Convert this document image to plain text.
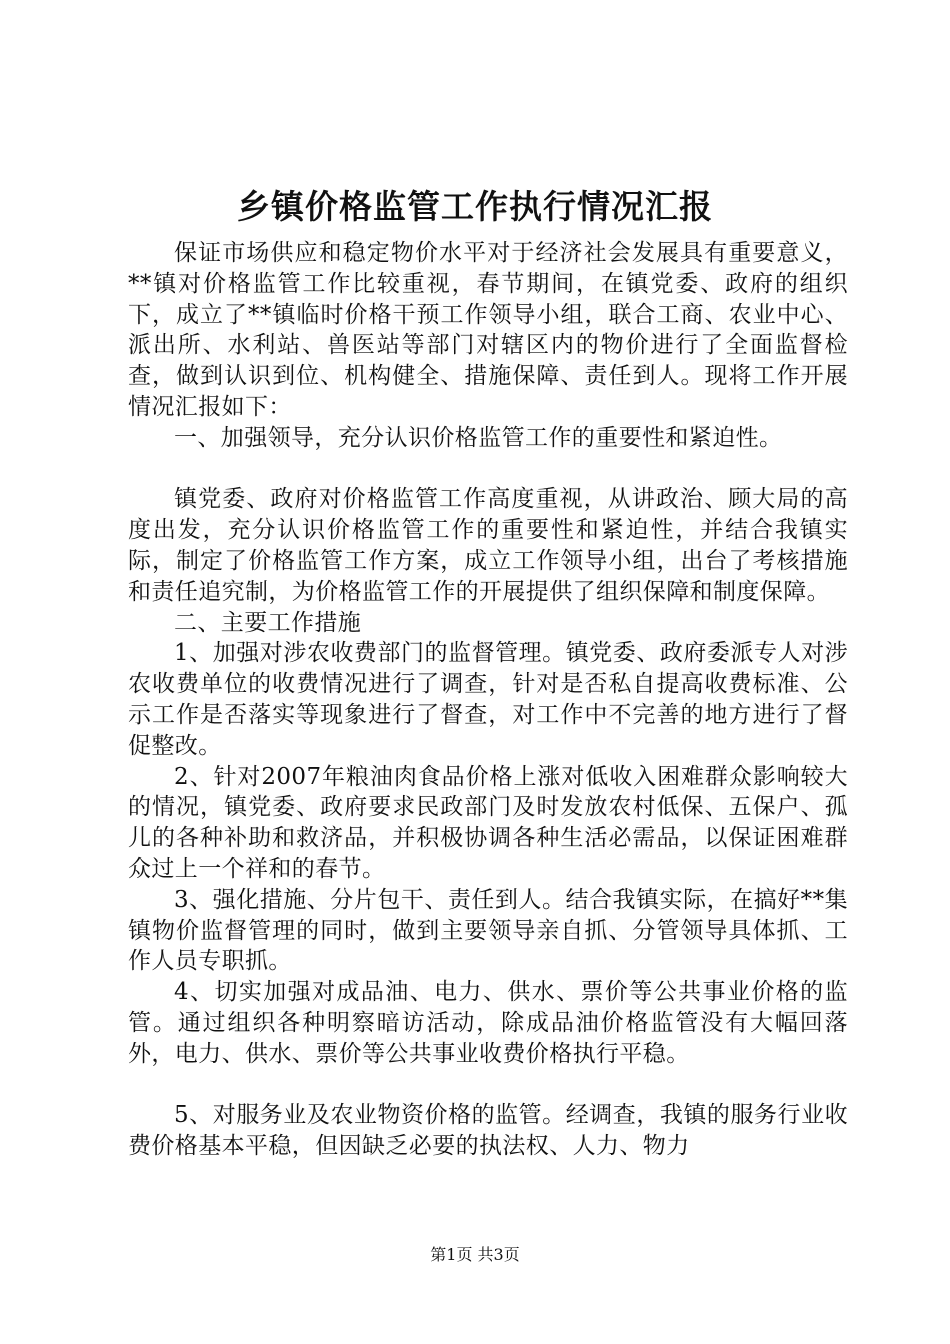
乡镇价格监管工作执行情况汇报

保证市场供应和稳定物价水平对于经济社会发展具有重要意义，**镇对价格监管工作比较重视，春节期间，在镇党委、政府的组织下，成立了**镇临时价格干预工作领导小组，联合工商、农业中心、派出所、水利站、兽医站等部门对辖区内的物价进行了全面监督检查，做到认识到位、机构健全、措施保障、责任到人。现将工作开展情况汇报如下：

一、加强领导，充分认识价格监管工作的重要性和紧迫性。

镇党委、政府对价格监管工作高度重视，从讲政治、顾大局的高度出发，充分认识价格监管工作的重要性和紧迫性，并结合我镇实际，制定了价格监管工作方案，成立工作领导小组，出台了考核措施和责任追究制，为价格监管工作的开展提供了组织保障和制度保障。

二、主要工作措施

1、加强对涉农收费部门的监督管理。镇党委、政府委派专人对涉农收费单位的收费情况进行了调查，针对是否私自提高收费标准、公示工作是否落实等现象进行了督查，对工作中不完善的地方进行了督促整改。

2、针对2007年粮油肉食品价格上涨对低收入困难群众影响较大的情况，镇党委、政府要求民政部门及时发放农村低保、五保户、孤儿的各种补助和救济品，并积极协调各种生活必需品，以保证困难群众过上一个祥和的春节。

3、强化措施、分片包干、责任到人。结合我镇实际，在搞好**集镇物价监督管理的同时，做到主要领导亲自抓、分管领导具体抓、工作人员专职抓。

4、切实加强对成品油、电力、供水、票价等公共事业价格的监管。通过组织各种明察暗访活动，除成品油价格监管没有大幅回落外，电力、供水、票价等公共事业收费价格执行平稳。

5、对服务业及农业物资价格的监管。经调查，我镇的服务行业收费价格基本平稳，但因缺乏必要的执法权、人力、物力

第1页 共3页
